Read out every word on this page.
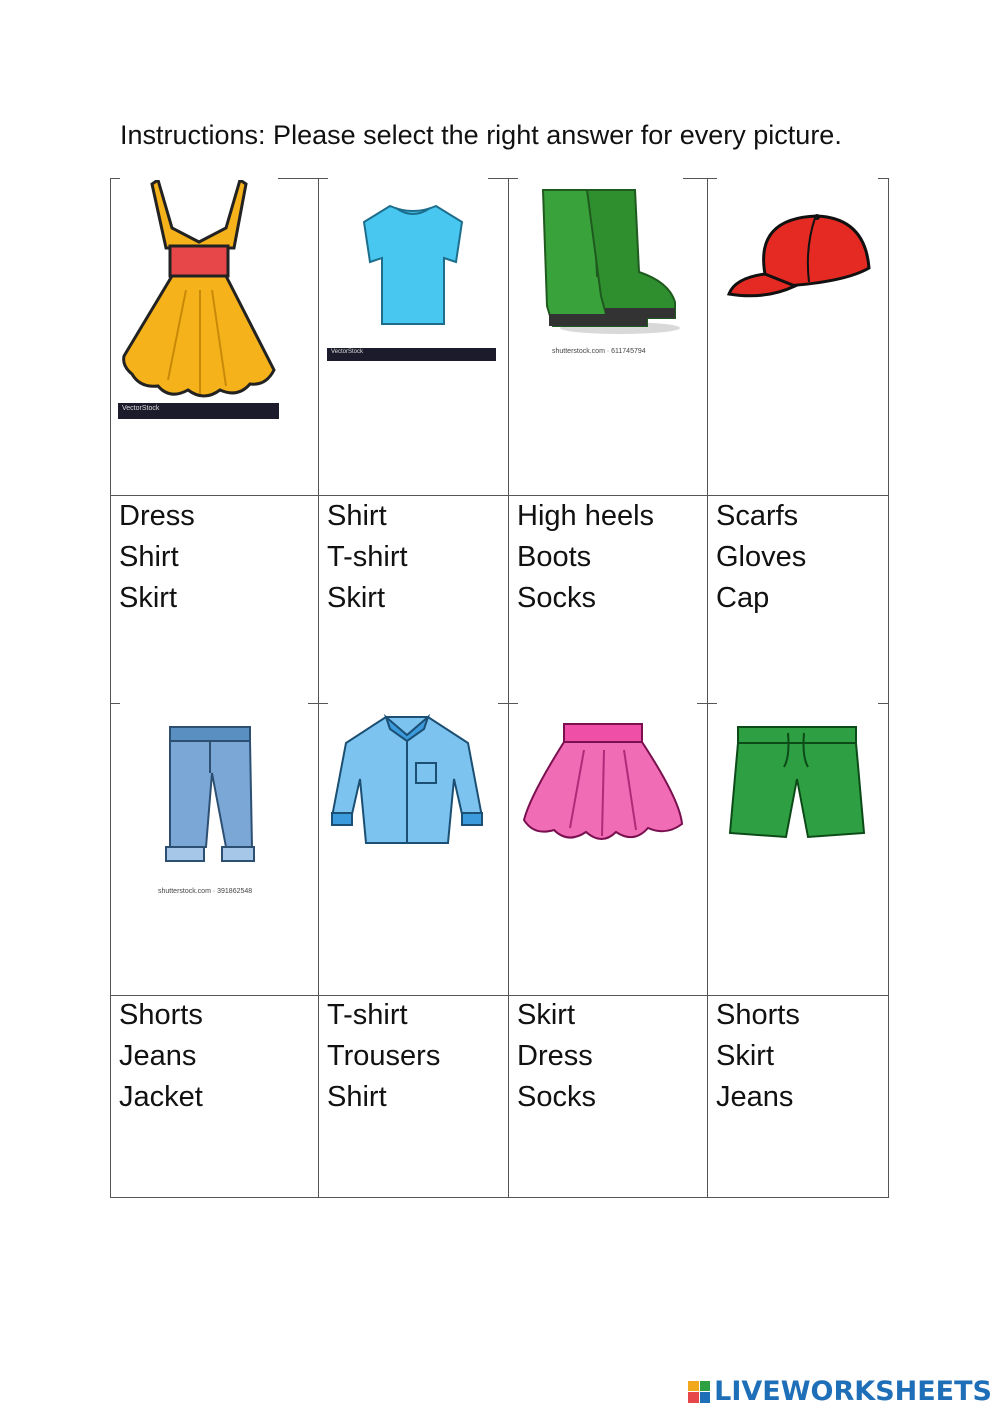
Instructions: Please select the right answer for every picture.
VectorStock
VectorStock	shutterstock.com · 611745794
Dress
Shirt
Skirt
Shirt
T-shirt
Skirt
High heels
Boots
Socks
Scarfs
Gloves
Cap
shutterstock.com · 391862548
Shorts
Jeans
Jacket
T-shirt
Trousers
Shirt
Skirt
Dress
Socks
Shorts
Skirt
Jeans
LIVEWORKSHEETS
